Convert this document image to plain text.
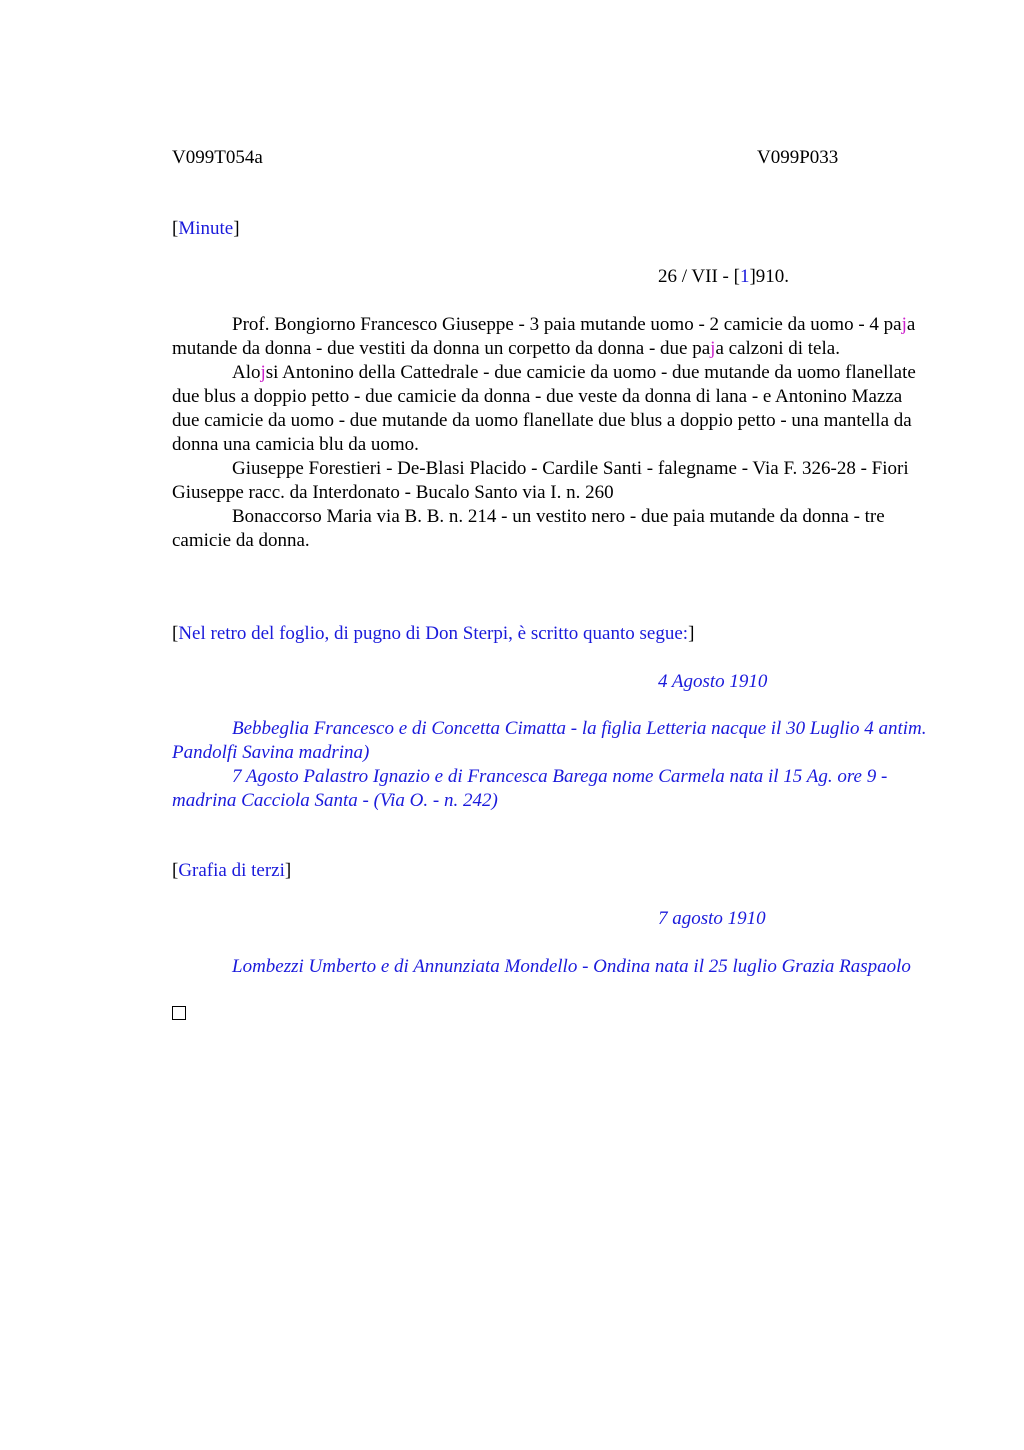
V099T054a	V099P033
[Minute]
26 / VII - [1]910.

Prof. Bongiorno Francesco Giuseppe - 3 paia mutande uomo - 2 camicie da uomo - 4 paja mutande da donna - due vestiti da donna un corpetto da donna - due paja calzoni di tela.

Alojsi Antonino della Cattedrale - due camicie da uomo - due mutande da uomo flanellate due blus a doppio petto - due camicie da donna - due veste da donna di lana - e Antonino Mazza due camicie da uomo - due mutande da uomo flanellate due blus a doppio petto - una mantella da donna una camicia blu da uomo.

Giuseppe Forestieri - De-Blasi Placido - Cardile Santi - falegname - Via F. 326-28 - Fiori Giuseppe racc. da Interdonato - Bucalo Santo via I. n. 260

Bonaccorso Maria via B. B. n. 214 - un vestito nero - due paia mutande da donna - tre camicie da donna.

[Nel retro del foglio, di pugno di Don Sterpi, è scritto quanto segue:]
4 Agosto 1910

Bebbeglia Francesco e di Concetta Cimatta - la figlia Letteria nacque il 30 Luglio 4 antim. Pandolfi Savina madrina)

7 Agosto Palastro Ignazio e di Francesca Barega nome Carmela nata il 15 Ag. ore 9 - madrina Cacciola Santa - (Via O. - n. 242)

[Grafia di terzi]
7 agosto 1910

Lombezzi Umberto e di Annunziata Mondello - Ondina nata il 25 luglio Grazia Raspaolo
